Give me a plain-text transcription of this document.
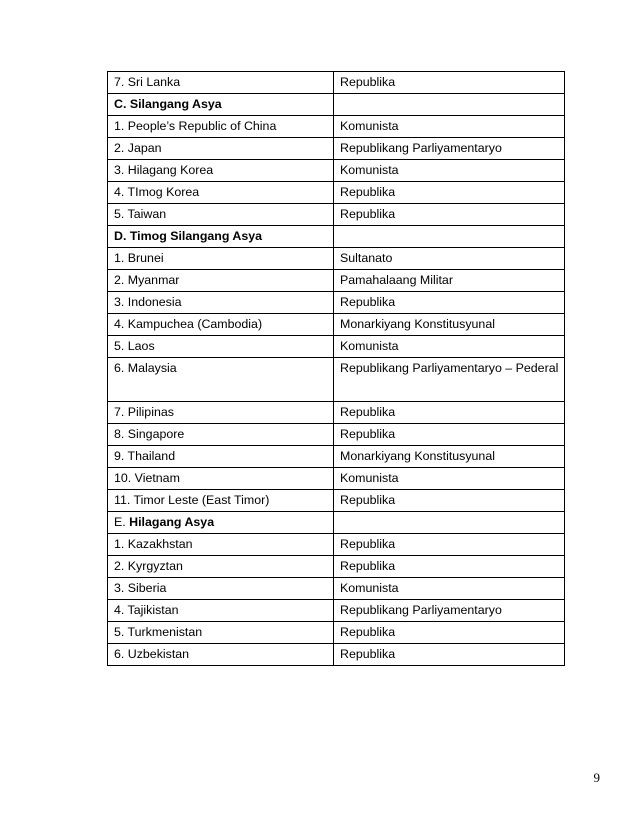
7. Sri Lanka	Republika
C. Silangang Asya	
1. People’s Republic of China	Komunista
2. Japan	Republikang Parliyamentaryo
3. Hilagang Korea	Komunista
4. TImog Korea	Republika
5. Taiwan	Republika
D. Timog Silangang Asya	
1. Brunei	Sultanato
2. Myanmar	Pamahalaang Militar
3. Indonesia	Republika
4. Kampuchea (Cambodia)	Monarkiyang Konstitusyunal
5. Laos	Komunista
6. Malaysia	Republikang Parliyamentaryo – Pederal

7. Pilipinas	Republika
8. Singapore	Republika
9. Thailand	Monarkiyang Konstitusyunal
10. Vietnam	Komunista
11. Timor Leste (East Timor)	Republika
E. Hilagang Asya	
1. Kazakhstan	Republika
2. Kyrgyztan	Republika
3. Siberia	Komunista
4. Tajikistan	Republikang Parliyamentaryo
5. Turkmenistan	Republika
6. Uzbekistan	Republika
9
